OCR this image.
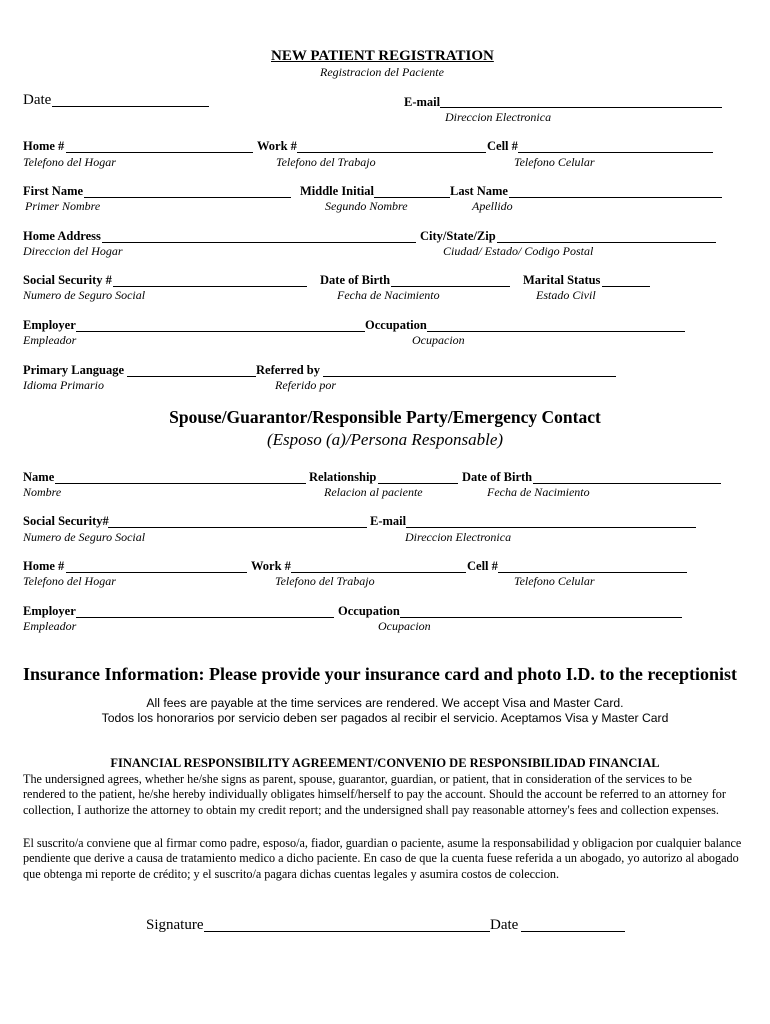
NEW PATIENT REGISTRATION
Registracion del Paciente
Date	E-mail
Direccion Electronica
Home #
Telefono del Hogar
Work #
Telefono del Trabajo
Cell #
Telefono Celular
First Name
Primer Nombre
Middle Initial
Segundo Nombre
Last Name
Apellido
Home Address
Direccion del Hogar
City/State/Zip
Ciudad/ Estado/ Codigo Postal
Social Security #
Numero de Seguro Social
Date of Birth
Fecha de Nacimiento
Marital Status
Estado Civil
Employer
Empleador
Occupation
Ocupacion
Primary Language
Idioma Primario
Referred by
Referido por
Spouse/Guarantor/Responsible Party/Emergency Contact
(Esposo (a)/Persona Responsable)
Name
Nombre
Relationship
Relacion al paciente
Date of Birth
Fecha de Nacimiento
Social Security#
Numero de Seguro Social
E-mail
Direccion Electronica
Home #
Telefono del Hogar
Work #
Telefono del Trabajo
Cell #
Telefono Celular
Employer
Empleador
Occupation
Ocupacion
Insurance Information: Please provide your insurance card and photo I.D. to the receptionist
All fees are payable at the time services are rendered. We accept Visa and Master Card.
Todos los honorarios por servicio deben ser pagados al recibir el servicio. Aceptamos Visa y Master Card
FINANCIAL RESPONSIBILITY AGREEMENT/CONVENIO DE RESPONSIBILIDAD FINANCIAL
The undersigned agrees, whether he/she signs as parent, spouse, guarantor, guardian, or patient, that in consideration of the services to be rendered to the patient, he/she hereby individually obligates himself/herself to pay the account. Should the account be referred to an attorney for collection, I authorize the attorney to obtain my credit report; and the undersigned shall pay reasonable attorney's fees and collection expenses.
El suscrito/a conviene que al firmar como padre, esposo/a, fiador, guardian o paciente, asume la responsabilidad y obligacion por cualquier balance pendiente que derive a causa de tratamiento medico a dicho paciente. En caso de que la cuenta fuese referida a un abogado, yo autorizo al abogado que obtenga mi reporte de crédito; y el suscrito/a pagara dichas cuentas legales y asumira costos de coleccion.
Signature	Date
